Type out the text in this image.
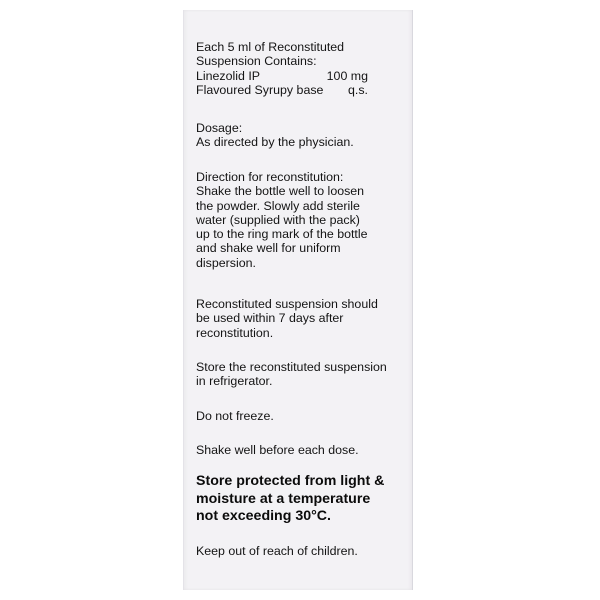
Each 5 ml of Reconstituted
Suspension Contains:
Linezolid IP	100 mg
Flavoured Syrupy base q.s.
Dosage:
As directed by the physician.
Direction for reconstitution:
Shake the bottle well to loosen
the powder. Slowly add sterile
water (supplied with the pack)
up to the ring mark of the bottle
and shake well for uniform
dispersion.
Reconstituted suspension should
be used within 7 days after
reconstitution.
Store the reconstituted suspension
in refrigerator.
Do not freeze.
Shake well before each dose.
Store protected from light &
moisture at a temperature
not exceeding 30°C.
Keep out of reach of children.
